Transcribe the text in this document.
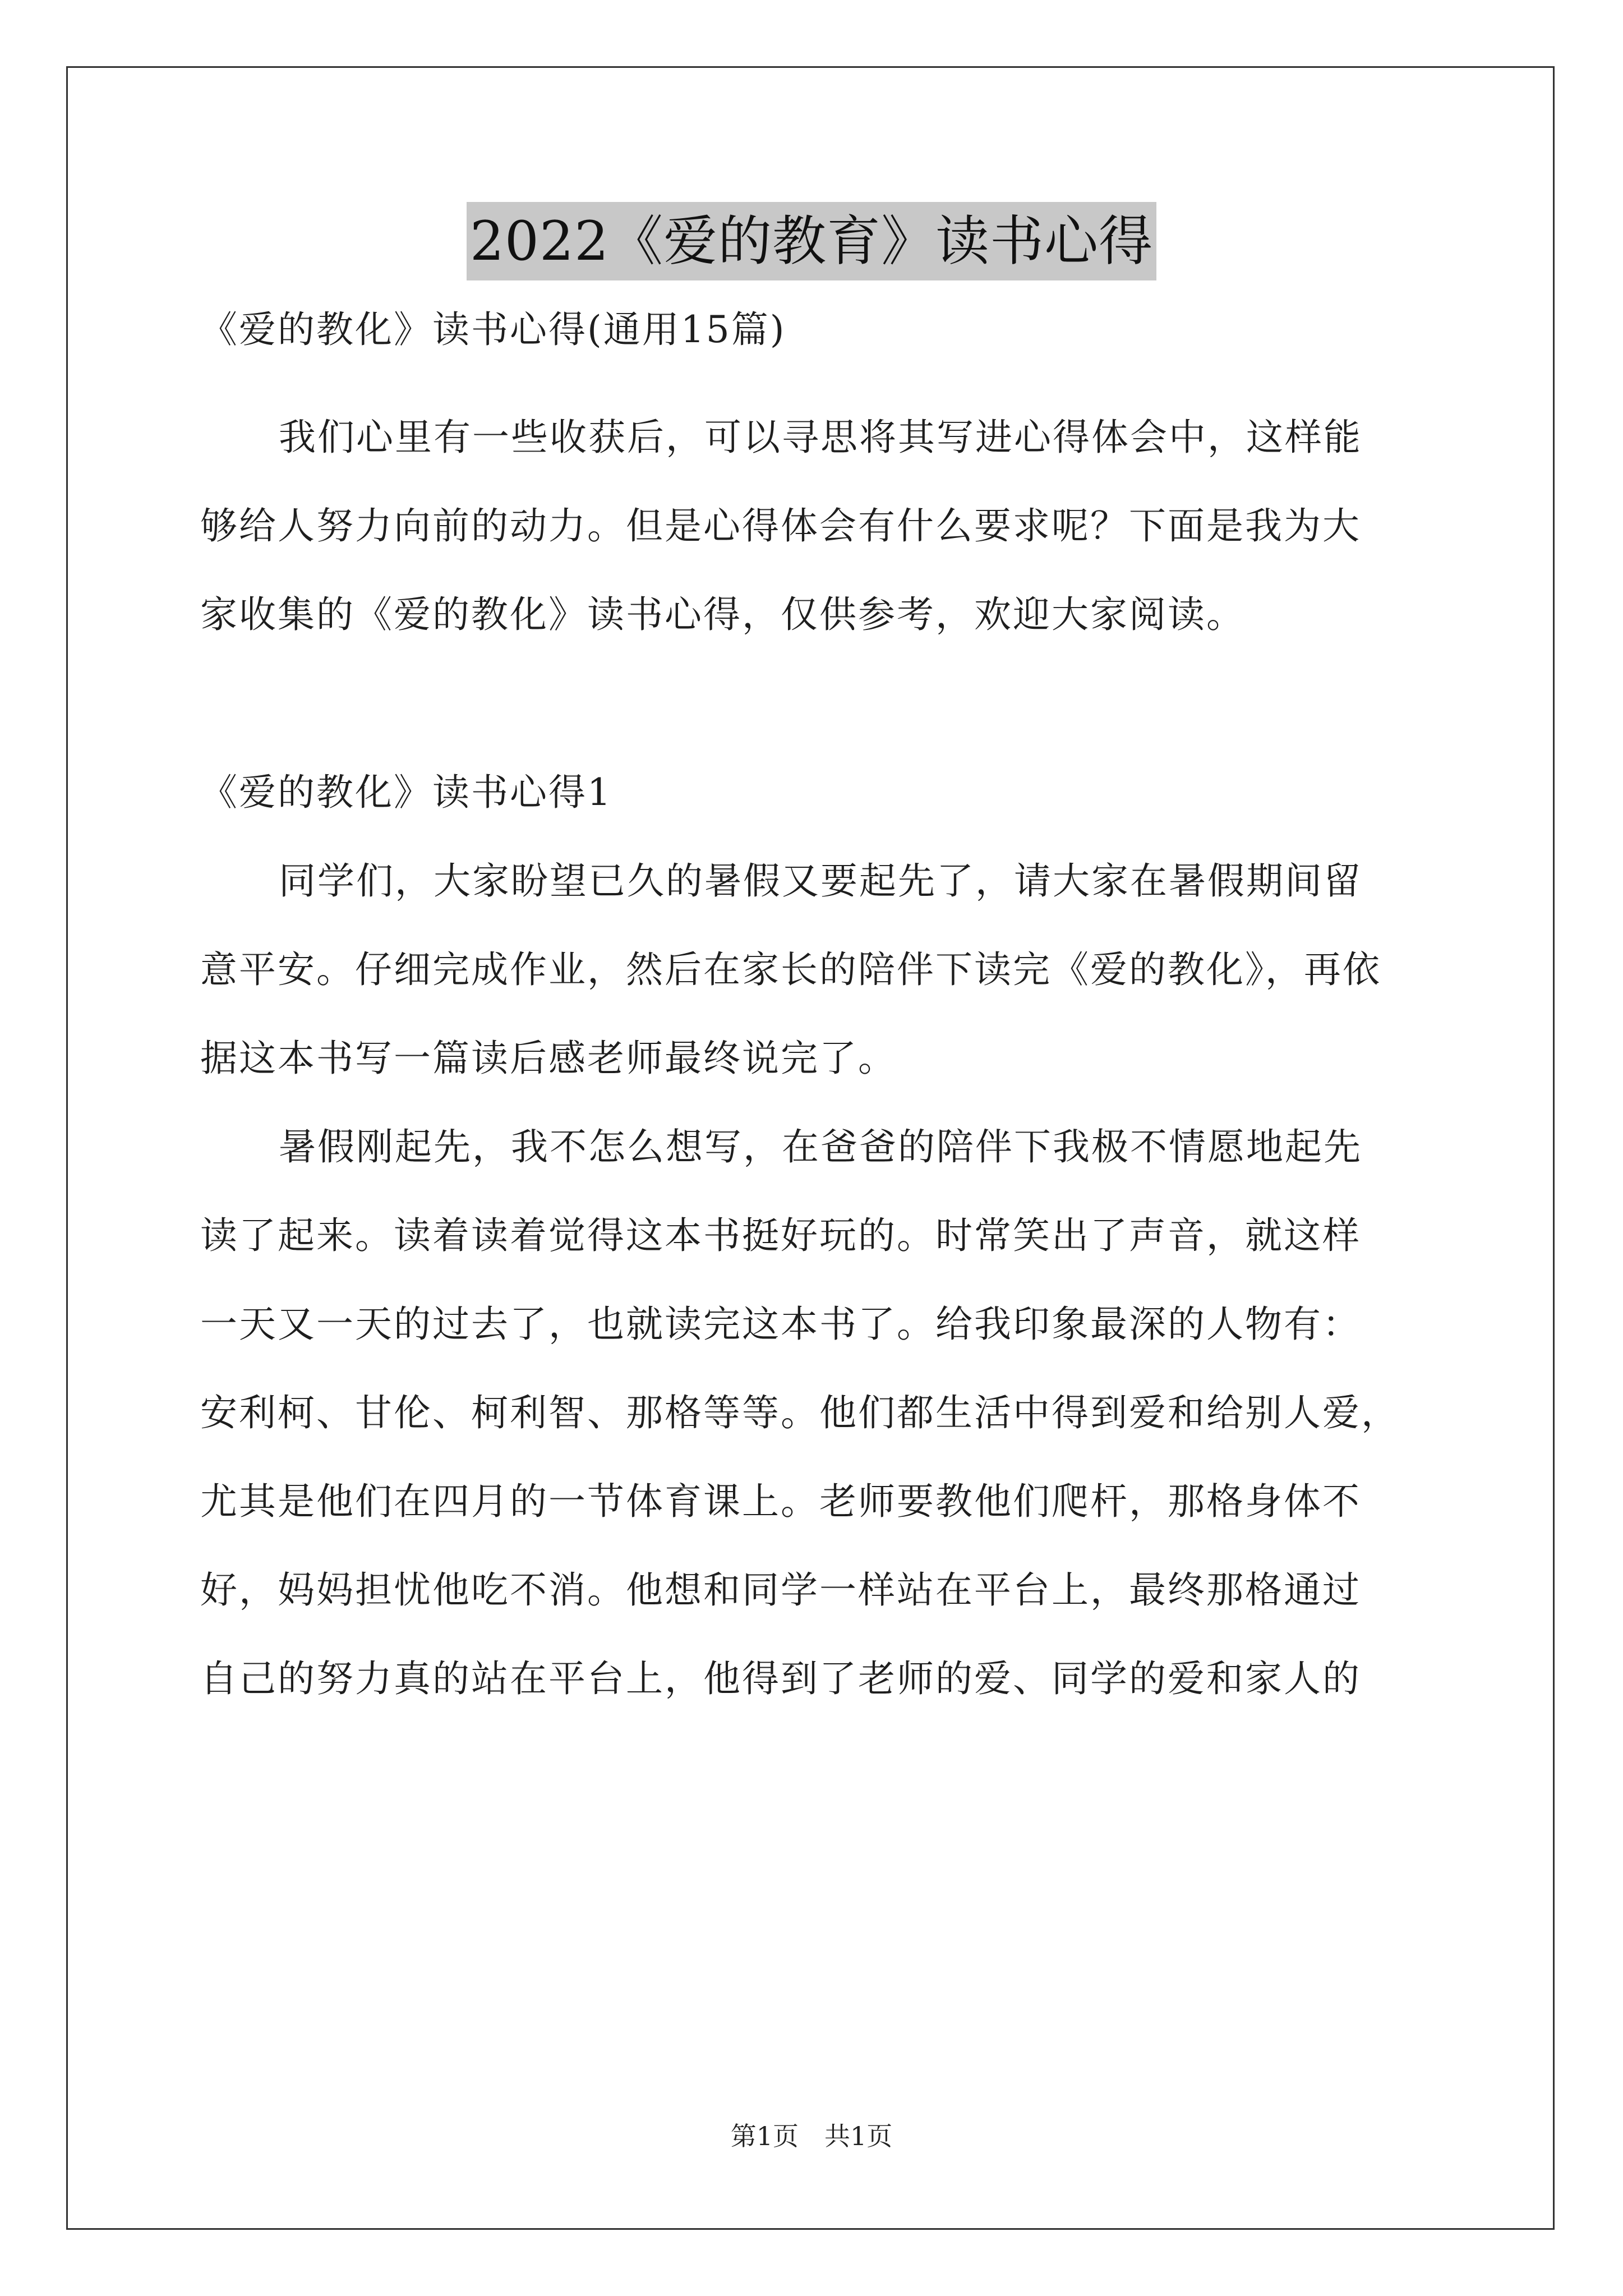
2022《爱的教育》读书心得
《爱的教化》读书心得(通用15篇)
我们心里有一些收获后，可以寻思将其写进心得体会中，这样能
够给人努力向前的动力。但是心得体会有什么要求呢？下面是我为大
家收集的《爱的教化》读书心得，仅供参考，欢迎大家阅读。
《爱的教化》读书心得1
同学们，大家盼望已久的暑假又要起先了，请大家在暑假期间留
意平安。仔细完成作业，然后在家长的陪伴下读完《爱的教化》，再依
据这本书写一篇读后感老师最终说完了。
暑假刚起先，我不怎么想写，在爸爸的陪伴下我极不情愿地起先
读了起来。读着读着觉得这本书挺好玩的。时常笑出了声音，就这样
一天又一天的过去了，也就读完这本书了。给我印象最深的人物有：
安利柯、甘伦、柯利智、那格等等。他们都生活中得到爱和给别人爱，
尤其是他们在四月的一节体育课上。老师要教他们爬杆，那格身体不
好，妈妈担忧他吃不消。他想和同学一样站在平台上，最终那格通过
自己的努力真的站在平台上，他得到了老师的爱、同学的爱和家人的
第1页　共1页
